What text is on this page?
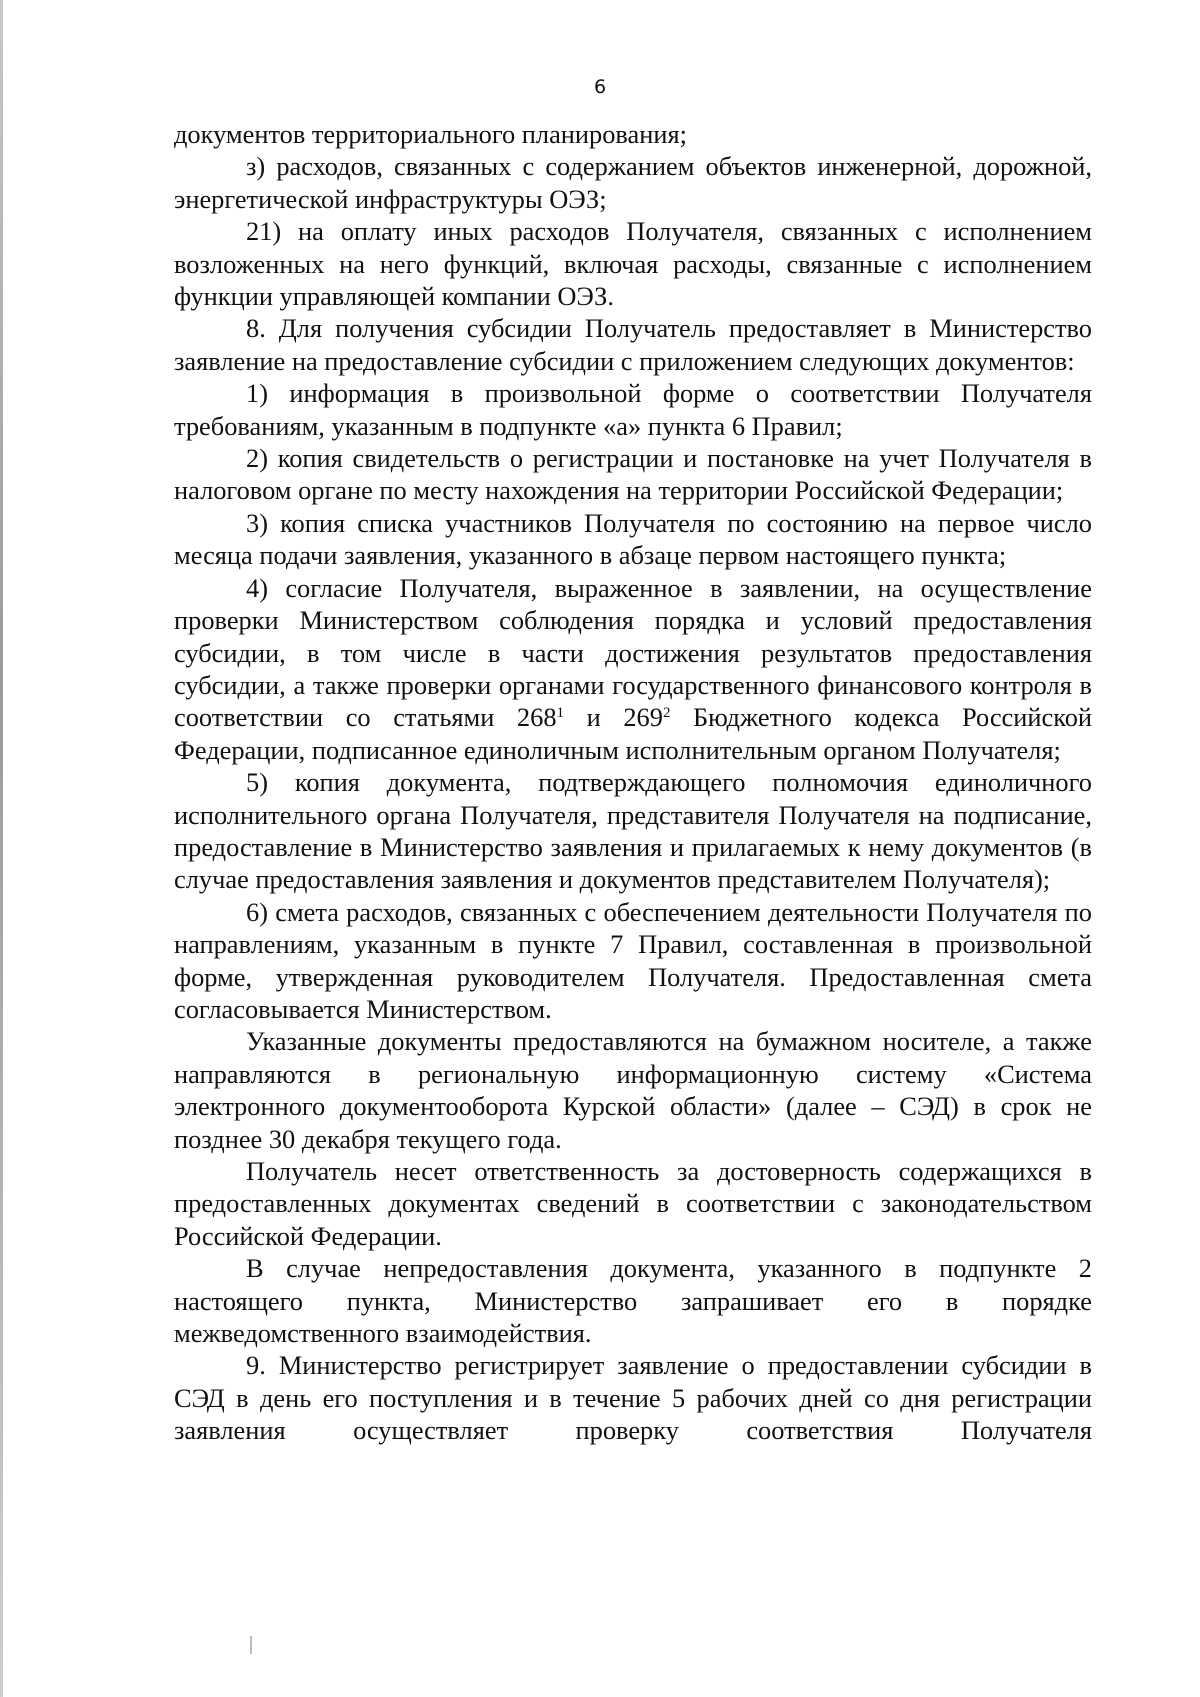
6

документов территориального планирования;

з) расходов, связанных с содержанием объектов инженерной, дорожной, энергетической инфраструктуры ОЭЗ;

21) на оплату иных расходов Получателя, связанных с исполнением возложенных на него функций, включая расходы, связанные с исполнением функции управляющей компании ОЭЗ.

8. Для получения субсидии Получатель предоставляет в Министерство заявление на предоставление субсидии с приложением следующих документов:

1) информация в произвольной форме о соответствии Получателя требованиям, указанным в подпункте «а» пункта 6 Правил;

2) копия свидетельств о регистрации и постановке на учет Получателя в налоговом органе по месту нахождения на территории Российской Федерации;

3) копия списка участников Получателя по состоянию на первое число месяца подачи заявления, указанного в абзаце первом настоящего пункта;

4) согласие Получателя, выраженное в заявлении, на осуществление проверки Министерством соблюдения порядка и условий предоставления субсидии, в том числе в части достижения результатов предоставления субсидии, а также проверки органами государственного финансового контроля в соответствии со статьями $268^1$ и $269^2$ Бюджетного кодекса Российской Федерации, подписанное единоличным исполнительным органом Получателя;

5) копия документа, подтверждающего полномочия единоличного исполнительного органа Получателя, представителя Получателя на подписание, предоставление в Министерство заявления и прилагаемых к нему документов (в случае предоставления заявления и документов представителем Получателя);

6) смета расходов, связанных с обеспечением деятельности Получателя по направлениям, указанным в пункте 7 Правил, составленная в произвольной форме, утвержденная руководителем Получателя. Предоставленная смета согласовывается Министерством.

Указанные документы предоставляются на бумажном носителе, а также направляются в региональную информационную систему «Система электронного документооборота Курской области» (далее – СЭД) в срок не позднее 30 декабря текущего года.

Получатель несет ответственность за достоверность содержащихся в предоставленных документах сведений в соответствии с законодательством Российской Федерации.

В случае непредоставления документа, указанного в подпункте 2 настоящего пункта, Министерство запрашивает его в порядке межведомственного взаимодействия.

9. Министерство регистрирует заявление о предоставлении субсидии в СЭД в день его поступления и в течение 5 рабочих дней со дня регистрации заявления осуществляет проверку соответствия Получателя
